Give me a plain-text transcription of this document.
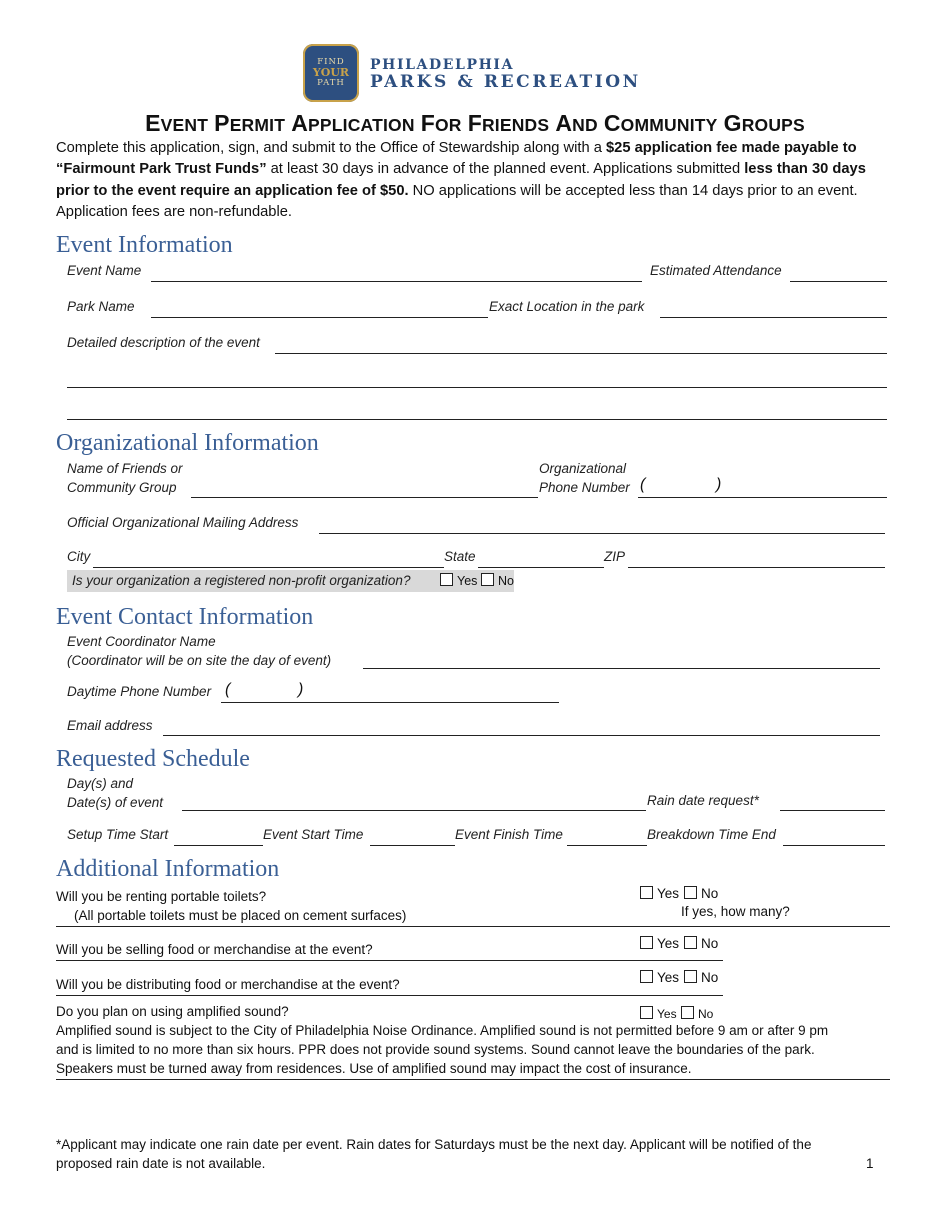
FIND
YOUR
PATH
PHILADELPHIA
PARKS & RECREATION
EVENT PERMIT APPLICATION FOR FRIENDS AND COMMUNITY GROUPS
Complete this application, sign, and submit to the Office of Stewardship along with a $25 application fee made payable to “Fairmount Park Trust Funds” at least 30 days in advance of the planned event. Applications submitted less than 30 days prior to the event require an application fee of $50. NO applications will be accepted less than 14 days prior to an event. Application fees are non-refundable.
Event Information
Event Name	Estimated Attendance
Park Name	Exact Location in the park
Detailed description of the event
Organizational Information
Name of Friends or
Community Group
Organizational
Phone Number (	)
Official Organizational Mailing Address
City	State	ZIP
Is your organization a registered non-profit organization?	Yes	No
Event Contact Information
Event Coordinator Name
(Coordinator will be on site the day of event)
Daytime Phone Number (	)
Email address
Requested Schedule
Day(s) and
Date(s) of event	Rain date request*
Setup Time Start	Event Start Time	Event Finish Time	Breakdown Time End
Additional Information
Will you be renting portable toilets?
(All portable toilets must be placed on cement surfaces)
Yes	No
If yes, how many?
Will you be selling food or merchandise at the event?	Yes	No
Will you be distributing food or merchandise at the event?	Yes	No
Do you plan on using amplified sound?	Yes	No
Amplified sound is subject to the City of Philadelphia Noise Ordinance. Amplified sound is not permitted before 9 am or after 9 pm
and is limited to no more than six hours. PPR does not provide sound systems. Sound cannot leave the boundaries of the park.
Speakers must be turned away from residences. Use of amplified sound may impact the cost of insurance.
*Applicant may indicate one rain date per event. Rain dates for Saturdays must be the next day. Applicant will be notified of the
proposed rain date is not available.	1
